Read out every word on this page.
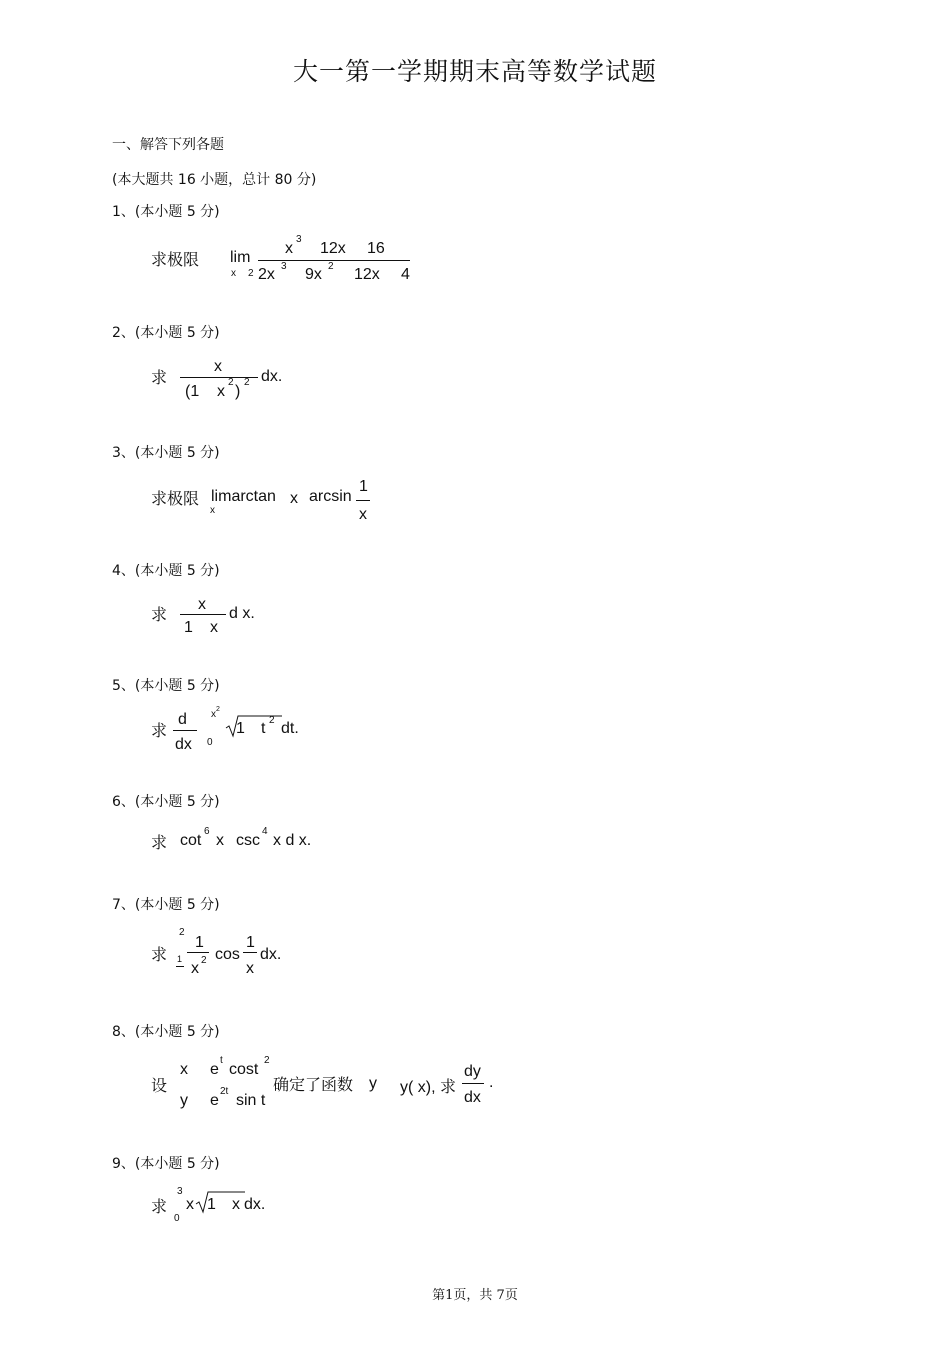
大一第一学期期末高等数学试题
一、解答下列各题
(本大题共 16 小题，总计 80 分)
1、(本小题 5 分)
求极限 lim
x 2
x
3
12x 16
2x 3 9x 2 12x 4
2、(本小题 5 分)
求
x
(1 x
2
)
2 dx.
3、(本小题 5 分)
求极限 limarctan
x
x arcsin
1
x
4、(本小题 5 分)
求
x
1 x
d x.
5、(本小题 5 分)
求
d
dx
x 2
0
1 t 2 dt.
6、(本小题 5 分)
求 cot
6
x csc
4
x d x.
7、(本小题 5 分)
求
2
1
1
x 2 cos
1
x
dx.
8、(本小题 5 分)
设
x e
t
cost
2
y e
2t
sin t
确定了函数 y y( x), 求
dy
dx
.
9、(本小题 5 分)
求
3
0
x 1 x dx.
第1页，共 7页
